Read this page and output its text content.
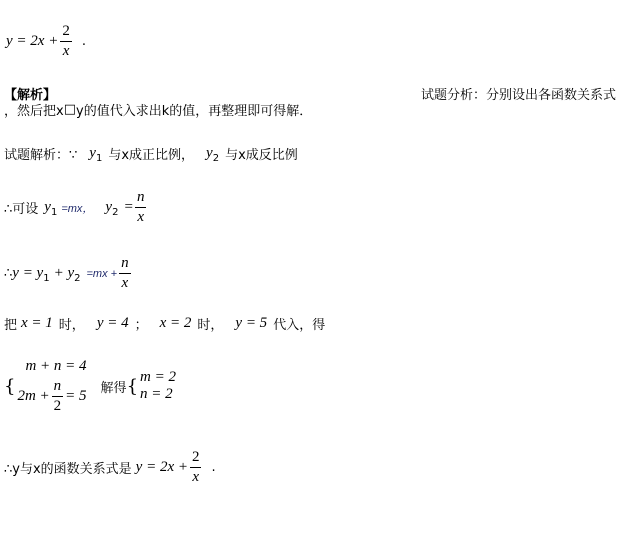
$y = 2x + \frac{2}{x}$ .
【解析】	试题分析：分别设出各函数关系式
，然后把x □ y的值代入求出k的值，再整理即可得解．
试题解析：∵ y 1 与x成正比例， y 2 与x成反比例
∴可设 y 1 =mx， y $2 = \frac{n}{x}$
∴ y = y 1 + y $2 =mx + \frac{n}{x}$
把 x = 1 时， y = 4 ； x = 2 时， y = 5 代入，得
{
m + n = 4
$2m + \frac{n}{2} = 5$ 解得 { m = 2
n = 2
∴y与x的函数关系式是 $y = 2x + \frac{2}{x}$ .
